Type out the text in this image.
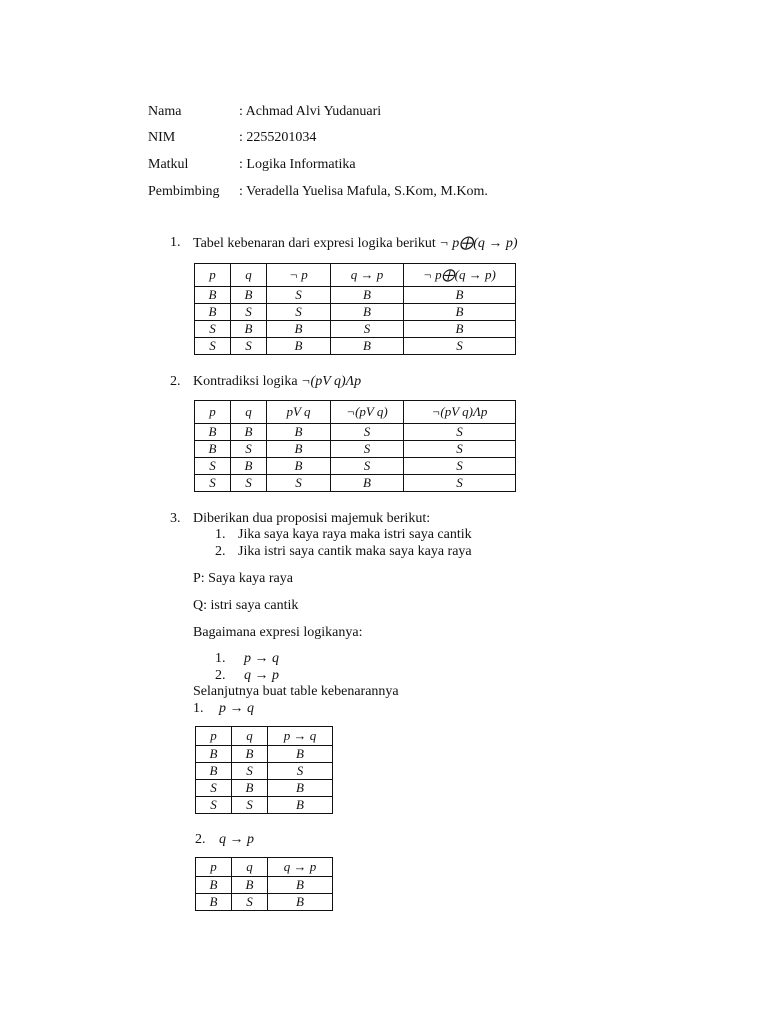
Nama	: Achmad Alvi Yudanuari
NIM	: 2255201034
Matkul	: Logika Informatika
Pembimbing : Veradella Yuelisa Mafula, S.Kom, M.Kom.
1. Tabel kebenaran dari expresi logika berikut ¬ p⨁(q → p)
p	q	¬ p	q → p	¬ p⨁(q → p)
B	B	S	B	B
B	S	S	B	B
S	B	B	S	B
S	S	B	B	S
2. Kontradiksi logika ¬(pV q)Λp
p	q	pV q	¬(pV q)	¬(pV q)Λp
B	B	B	S	S
B	S	B	S	S
S	B	B	S	S
S	S	S	B	S
3. Diberikan dua proposisi majemuk berikut:
1. Jika saya kaya raya maka istri saya cantik
2. Jika istri saya cantik maka saya kaya raya
P: Saya kaya raya
Q: istri saya cantik
Bagaimana expresi logikanya:
1. p → q
2. q → p
Selanjutnya buat table kebenarannya
1. p → q
p	q	p → q
B	B	B
B	S	S
S	B	B
S	S	B
2. q → p
p	q	q → p
B	B	B
B	S	B
